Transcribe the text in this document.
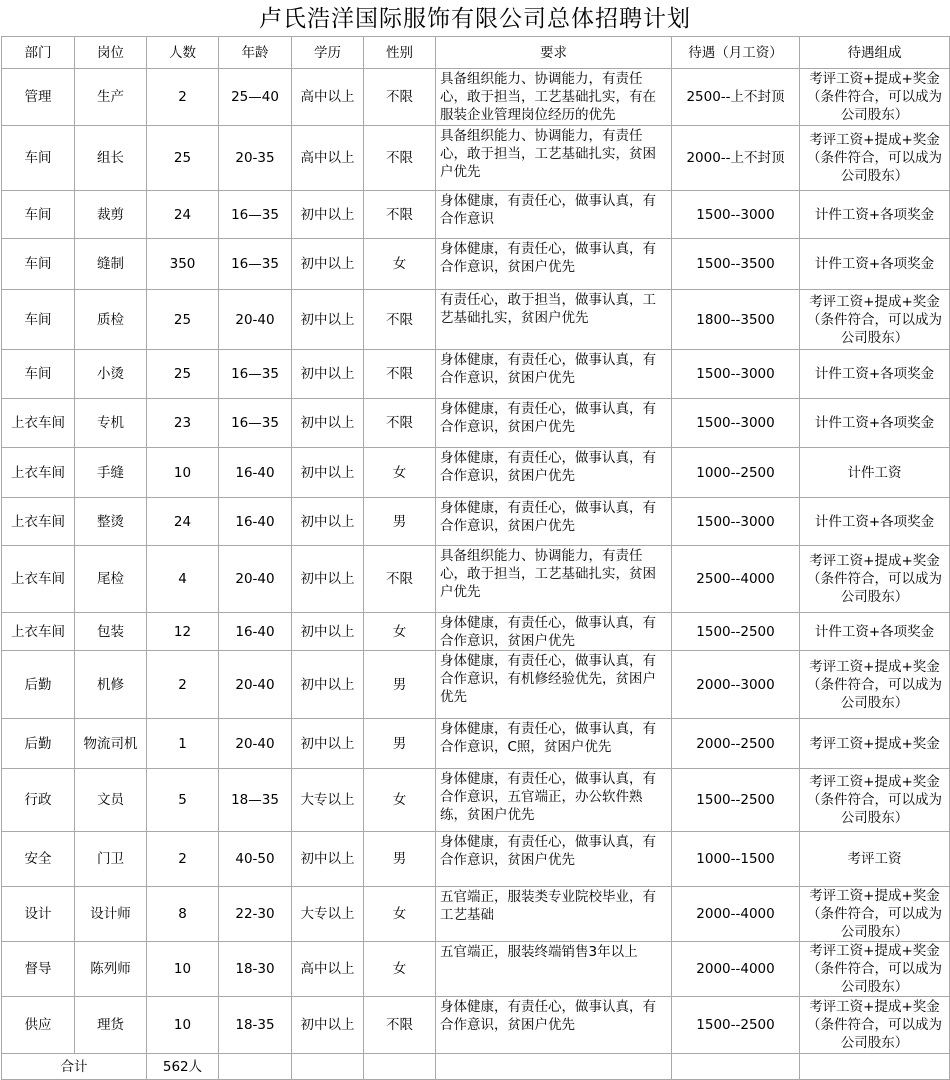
卢氏浩洋国际服饰有限公司总体招聘计划
部门	岗位	人数	年龄	学历	性别	要求	待遇（月工资）	待遇组成
管理	生产	2	25—40	高中以上	不限	具备组织能力、协调能力，有责任心，敢于担当，工艺基础扎实，有在服装企业管理岗位经历的优先	2500--上不封顶	考评工资+提成+奖金（条件符合，可以成为公司股东）
车间	组长	25	20-35	高中以上	不限	具备组织能力、协调能力，有责任心，敢于担当，工艺基础扎实，贫困户优先	2000--上不封顶	考评工资+提成+奖金（条件符合，可以成为公司股东）
车间	裁剪	24	16—35	初中以上	不限	身体健康，有责任心，做事认真，有合作意识	1500--3000	计件工资+各项奖金
车间	缝制	350	16—35	初中以上	女	身体健康，有责任心，做事认真，有合作意识，贫困户优先	1500--3500	计件工资+各项奖金
车间	质检	25	20-40	初中以上	不限	有责任心，敢于担当，做事认真，工艺基础扎实，贫困户优先	1800--3500	考评工资+提成+奖金（条件符合，可以成为公司股东）
车间	小烫	25	16—35	初中以上	不限	身体健康，有责任心，做事认真，有合作意识，贫困户优先	1500--3000	计件工资+各项奖金
上衣车间	专机	23	16—35	初中以上	不限	身体健康，有责任心，做事认真，有合作意识，贫困户优先	1500--3000	计件工资+各项奖金
上衣车间	手缝	10	16-40	初中以上	女	身体健康，有责任心，做事认真，有合作意识，贫困户优先	1000--2500	计件工资
上衣车间	整烫	24	16-40	初中以上	男	身体健康，有责任心，做事认真，有合作意识，贫困户优先	1500--3000	计件工资+各项奖金
上衣车间	尾检	4	20-40	初中以上	不限	具备组织能力、协调能力，有责任心，敢于担当，工艺基础扎实，贫困户优先	2500--4000	考评工资+提成+奖金（条件符合，可以成为公司股东）
上衣车间	包装	12	16-40	初中以上	女	身体健康，有责任心，做事认真，有合作意识，贫困户优先	1500--2500	计件工资+各项奖金
后勤	机修	2	20-40	初中以上	男	身体健康，有责任心，做事认真，有合作意识，有机修经验优先，贫困户优先	2000--3000	考评工资+提成+奖金（条件符合，可以成为公司股东）
后勤	物流司机	1	20-40	初中以上	男	身体健康，有责任心，做事认真，有合作意识，C照，贫困户优先	2000--2500	考评工资+提成+奖金
行政	文员	5	18—35	大专以上	女	身体健康，有责任心，做事认真，有合作意识，五官端正，办公软件熟练，贫困户优先	1500--2500	考评工资+提成+奖金（条件符合，可以成为公司股东）
安全	门卫	2	40-50	初中以上	男	身体健康，有责任心，做事认真，有合作意识，贫困户优先	1000--1500	考评工资
设计	设计师	8	22-30	大专以上	女	五官端正，服装类专业院校毕业，有工艺基础	2000--4000	考评工资+提成+奖金（条件符合，可以成为公司股东）
督导	陈列师	10	18-30	高中以上	女	五官端正，服装终端销售3年以上	2000--4000	考评工资+提成+奖金（条件符合，可以成为公司股东）
供应	理货	10	18-35	初中以上	不限	身体健康，有责任心，做事认真，有合作意识，贫困户优先	1500--2500	考评工资+提成+奖金（条件符合，可以成为公司股东）
合计		562人						
